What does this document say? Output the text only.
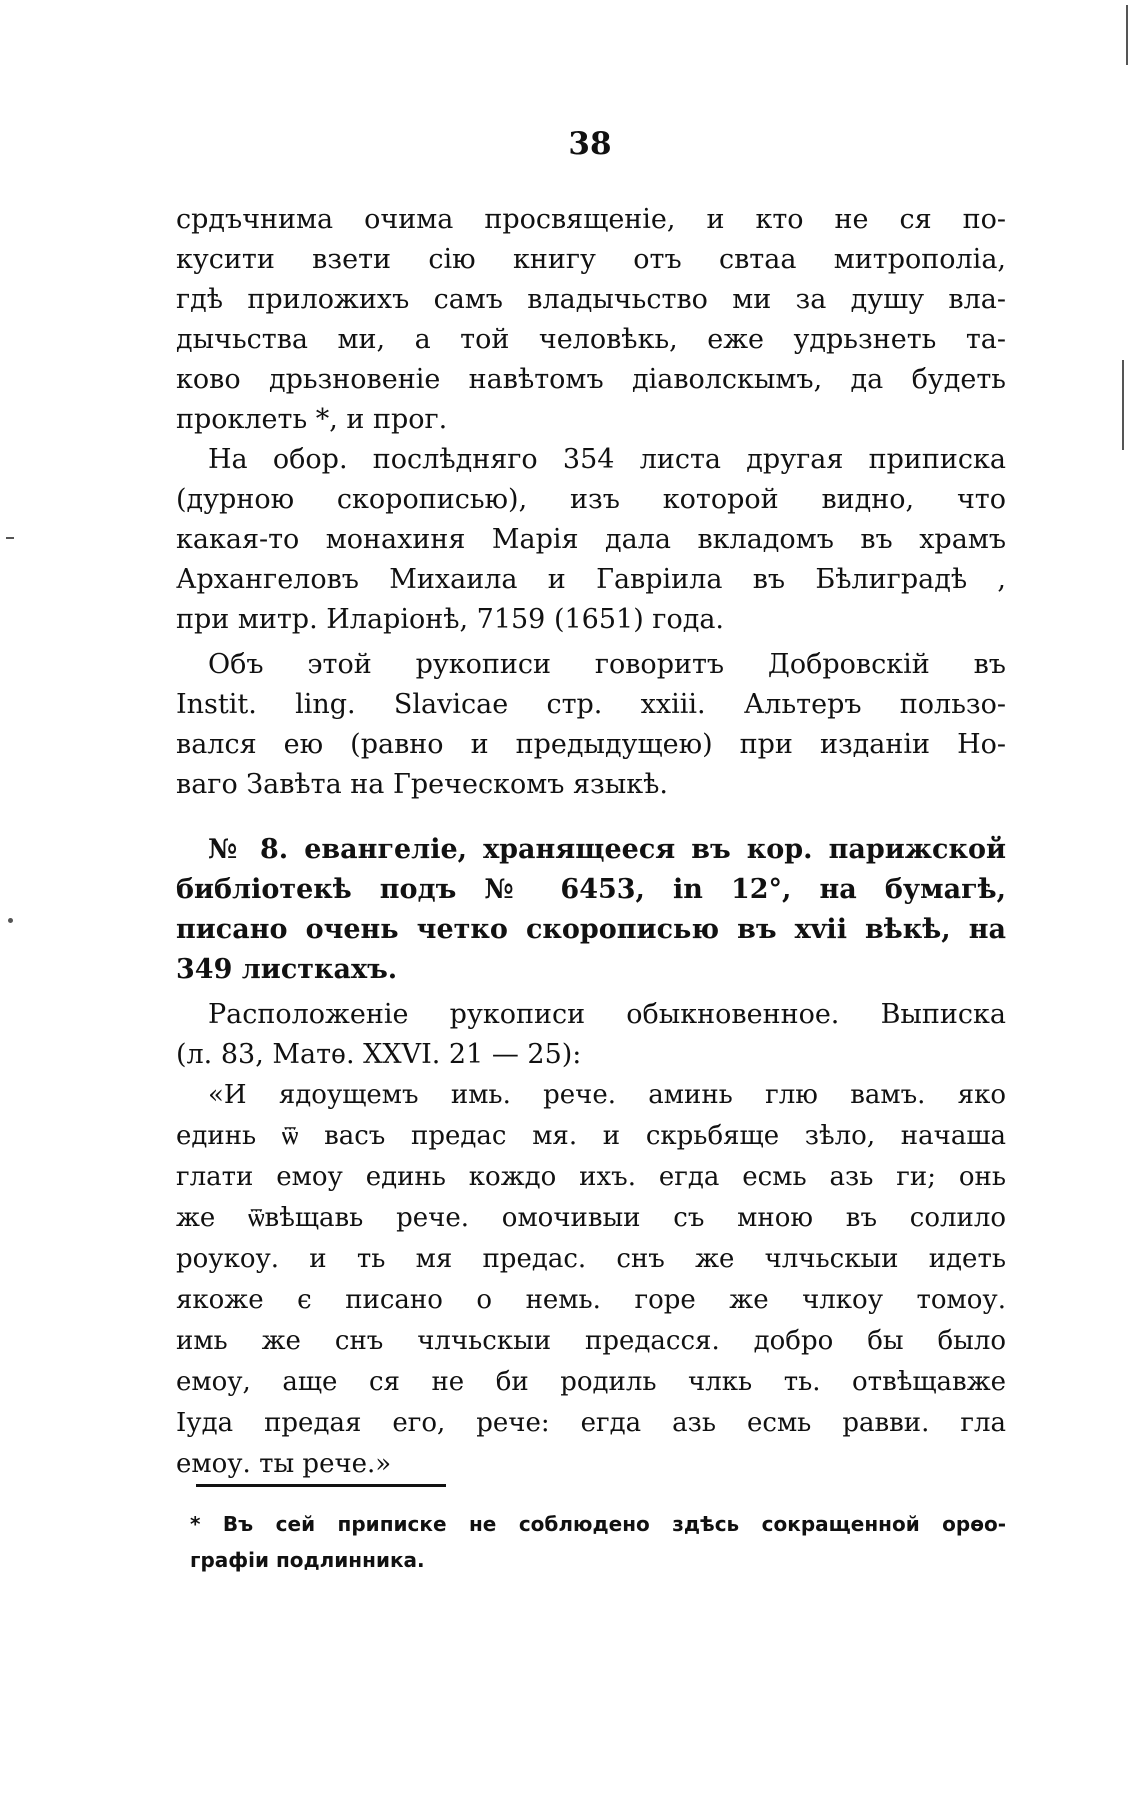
38
срдъчнима очима просвященіе, и кто не ся по-
кусити взети сію книгу отъ свтаа митрополіа,
гдѣ приложихъ самъ владычьство ми за душу вла-
дычьства ми, а той человѣкь, еже удрьзнеть та-
ково дрьзновеніе навѣтомъ діаволскымъ, да будеть
проклеть *, и прог.
На обор. послѣдняго 354 листа другая приписка
(дурною скорописью), изъ которой видно, что
какая-то монахиня Марія дала вкладомъ въ храмъ
Архангеловъ Михаила и Гавріила въ Бѣлиградѣ ,
при митр. Иларіонѣ, 7159 (1651) года.
Объ этой рукописи говоритъ Добровскій въ
Instit. ling. Slavicae стр. xxiii. Альтеръ пользо-
вался ею (равно и предыдущею) при изданіи Но-
ваго Завѣта на Греческомъ языкѣ.
№ 8. евангеліе, хранящееся въ кор. парижской
библіотекѣ подъ № 6453, in 12°, на бумагѣ,
писано очень четко скорописью въ xvii вѣкѣ, на
349 листкахъ.
Расположеніе рукописи обыкновенное. Выписка
(л. 83, Матѳ. XXVI. 21 — 25):
«И ядоущемъ имь. рече. аминь глю вамъ. яко
единь ѿ васъ предас мя. и скрьбяще зѣло, начаша
глати емоу единь кождо ихъ. егда есмь азь ги; онь
же ѿвѣщавь рече. омочивыи съ мною въ солило
роукоу. и ть мя предас. снъ же члчьскыи идеть
якоже є писано о немь. горе же члкоу томоу.
имь же снъ члчьскыи предасся. добро бы было
емоу, аще ся не би родиль члкь ть. отвѣщавже
Іуда предая его, рече: егда азь есмь равви. гла
емоу. ты рече.»
* Въ сей приписке не соблюдено здѣсь сокращенной орѳо-
графіи подлинника.
